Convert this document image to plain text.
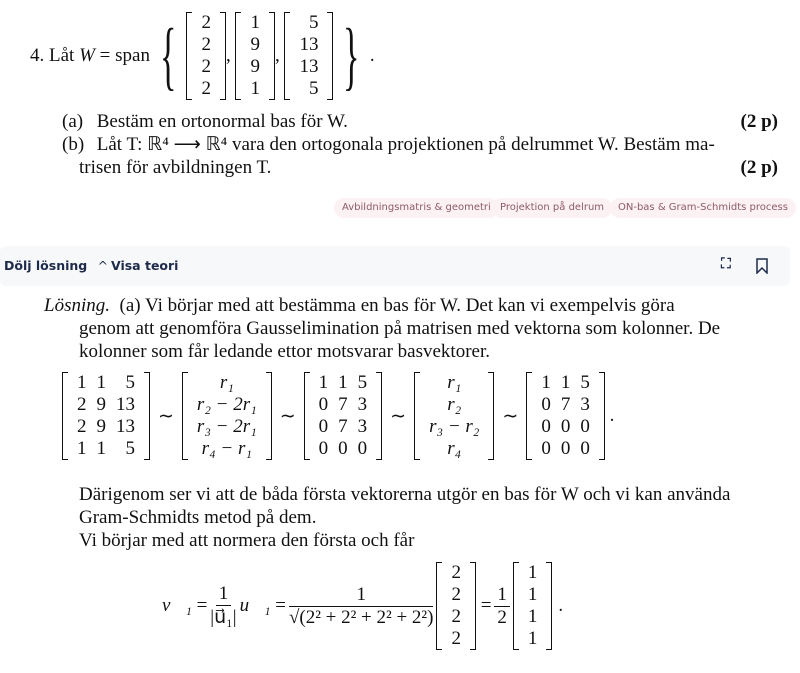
4.
Låt
W
= span { 2
2
2
2
,
1
9
9
1
,
5
13
13
5 } .
(a)
Bestäm en ortonormal bas för W.	(2 p)
(b)
Låt T: ℝ⁴ ⟶ ℝ⁴ vara den ortogonala projektionen på delrummet W. Bestäm ma-
trisen för avbildningen T.	(2 p)
Avbildningsmatris & geometri Projektion på delrum	ON-bas & Gram-Schmidts process
Dölj lösning ^ Visa teori	⛶

Lösning. (a) Vi börjar med att bestämma en bas för W. Det kan vi exempelvis göra

genom att genomföra Gausselimination på matrisen med vektorna som kolonner. De

kolonner som får ledande ettor motsvarar basvektorer.

1	1	5
2	9	13
2	9	13
1	1	5
∼
r₁
r₂ − 2r₁
r₃ − 2r₁
r₄ − r₁
∼
1	1	5
0	7	3
0	7	3
0	0	0
∼
r₁
r₂
r₃ − r₂
r₄
∼
1	1	5
0	7	3
0	0	0
0	0	0
.

Därigenom ser vi att de båda första vektorerna utgör en bas för W och vi kan använda

Gram-Schmidts metod på dem.

Vi börjar med att normera den första och får

v⃗₁
= $\frac{1}{\text{|u⃗₁|}}$ u⃗₁
= $\frac{1}{\text{√(2² + 2² + 2² + 2²)}}$
2
2
2
2

= $\frac{1}{2}$
1
1
1
1
.
